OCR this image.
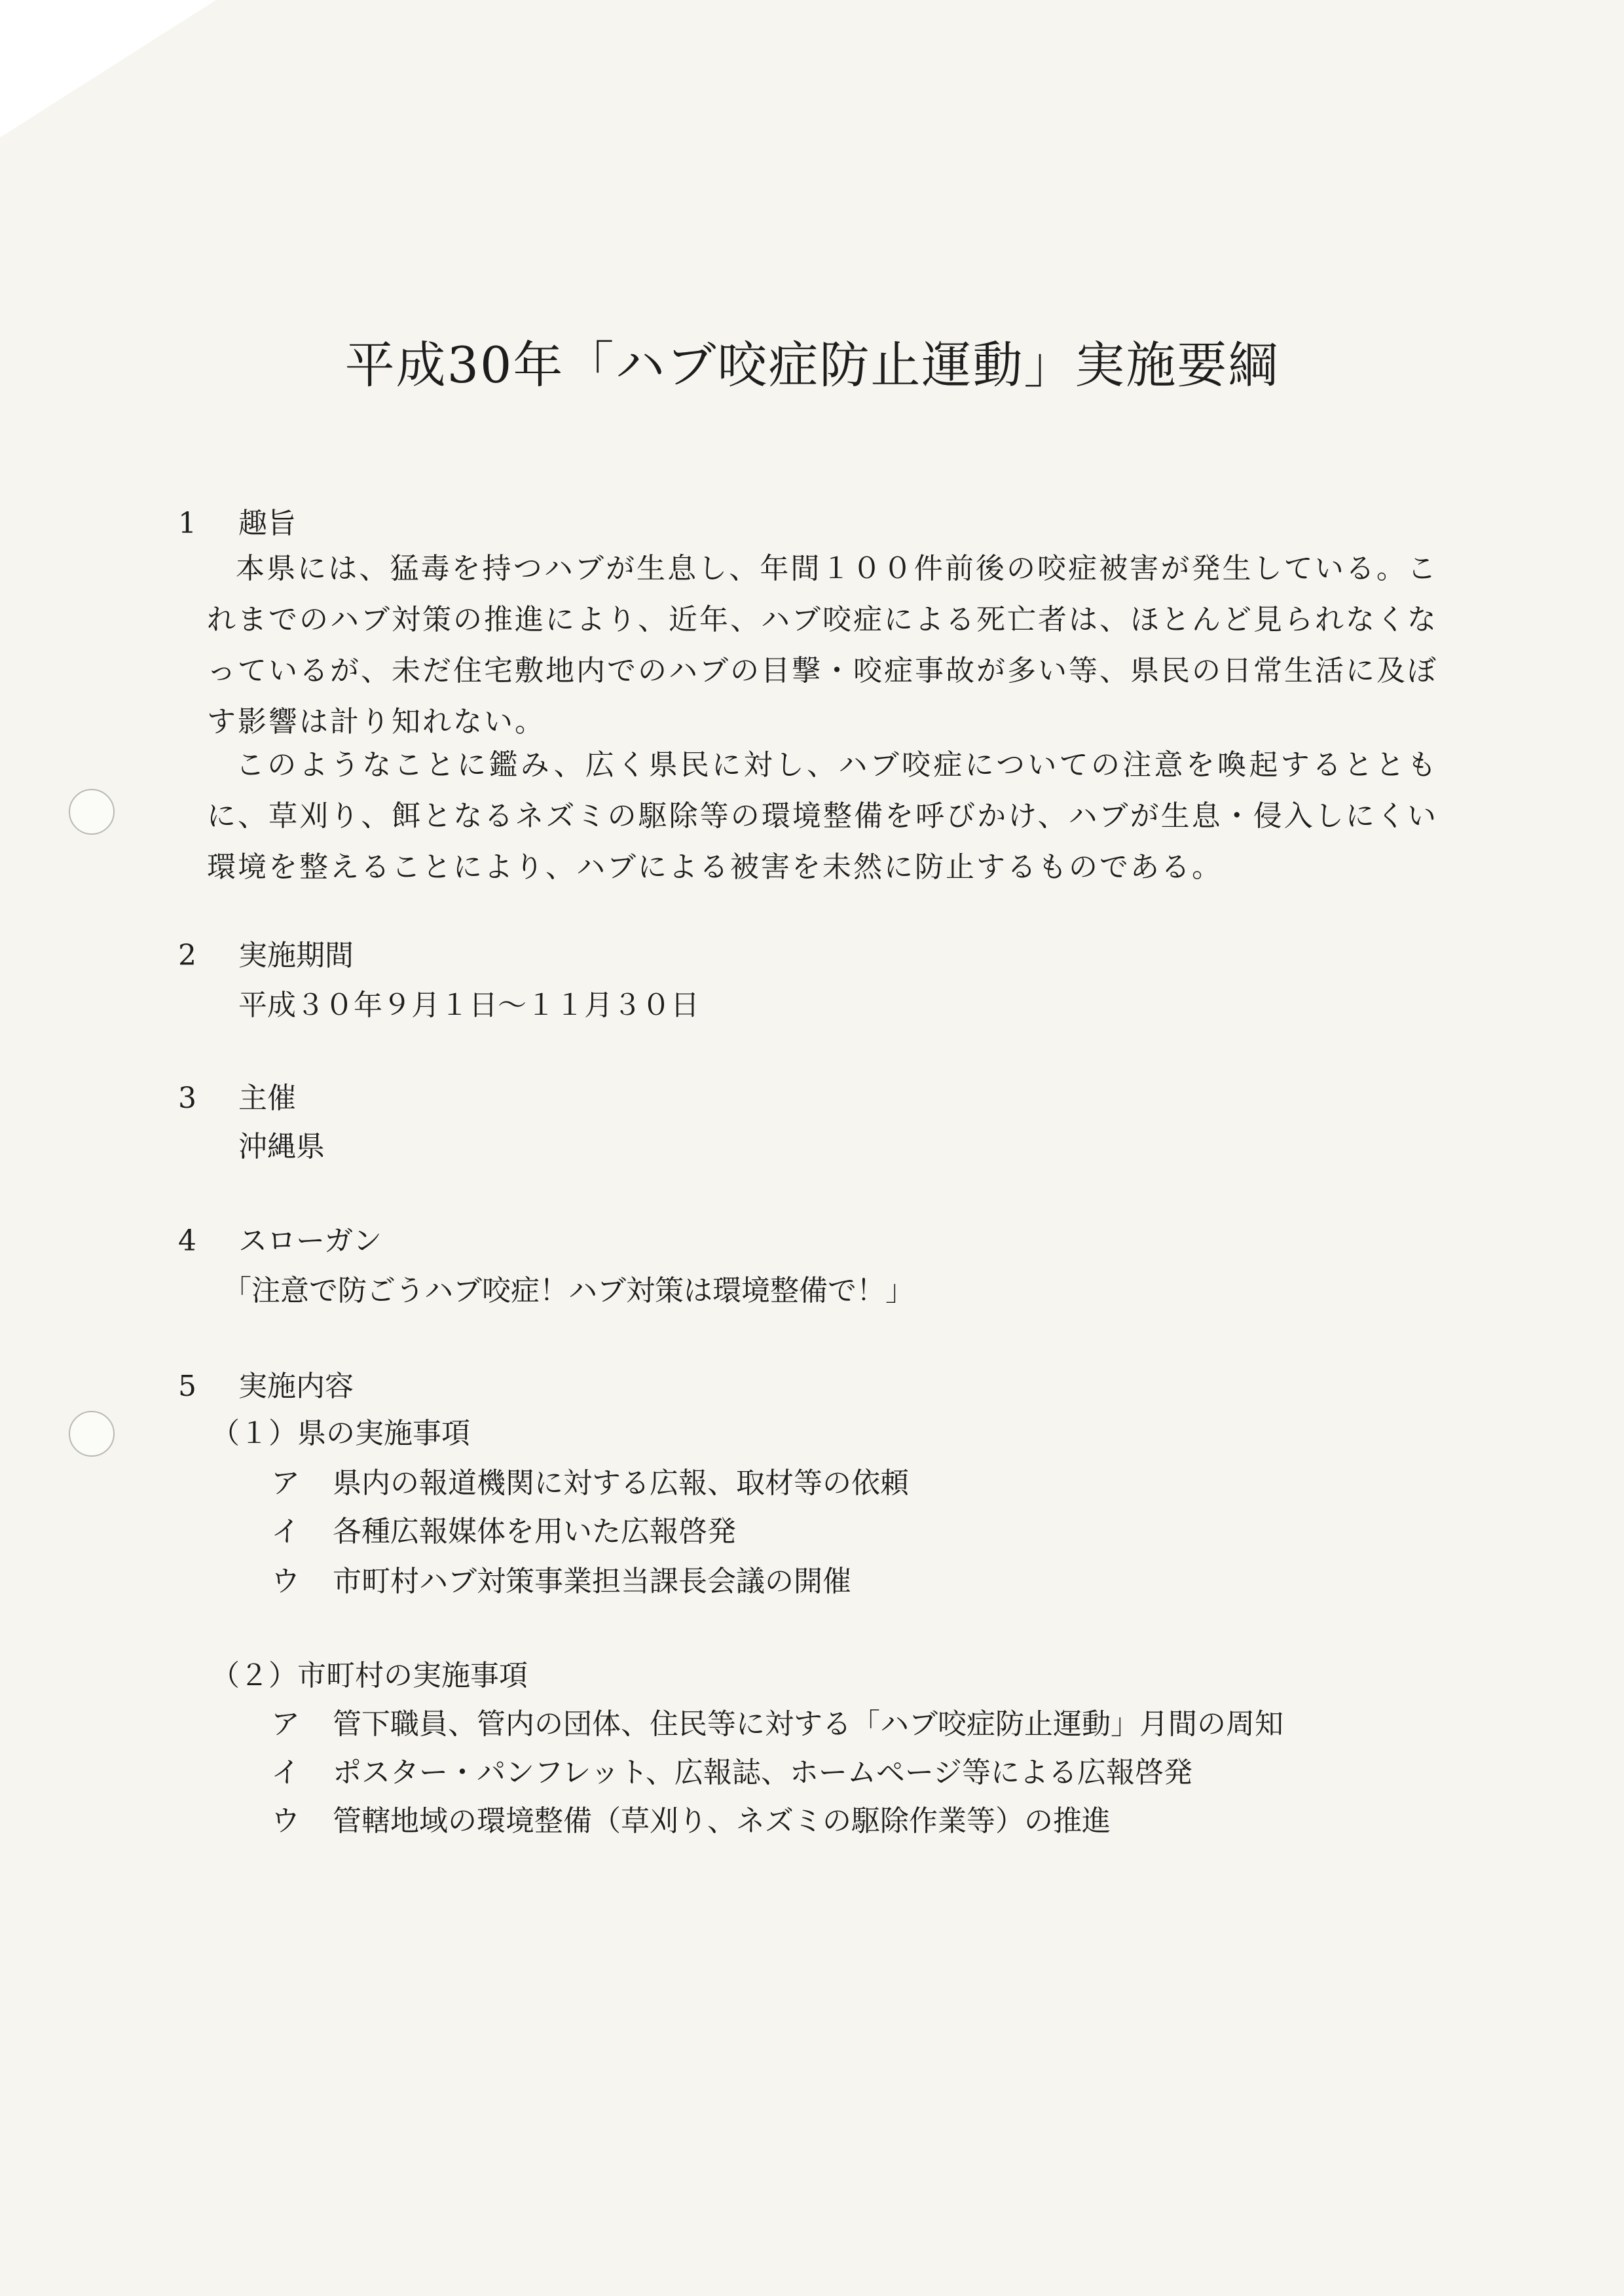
平成30年「ハブ咬症防止運動」実施要綱
1 趣旨
本県には、猛毒を持つハブが生息し、年間１００件前後の咬症被害が発生している。これまでのハブ対策の推進により、近年、ハブ咬症による死亡者は、ほとんど見られなくなっているが、未だ住宅敷地内でのハブの目撃・咬症事故が多い等、県民の日常生活に及ぼす影響は計り知れない。
このようなことに鑑み、広く県民に対し、ハブ咬症についての注意を喚起するとともに、草刈り、餌となるネズミの駆除等の環境整備を呼びかけ、ハブが生息・侵入しにくい環境を整えることにより、ハブによる被害を未然に防止するものである。
2 実施期間
平成３０年９月１日～１１月３０日
3 主催
沖縄県
4 スローガン
「注意で防ごうハブ咬症！ハブ対策は環境整備で！」
5 実施内容
（１）県の実施事項
ア 県内の報道機関に対する広報、取材等の依頼
イ 各種広報媒体を用いた広報啓発
ウ 市町村ハブ対策事業担当課長会議の開催
（２）市町村の実施事項
ア 管下職員、管内の団体、住民等に対する「ハブ咬症防止運動」月間の周知
イ ポスター・パンフレット、広報誌、ホームページ等による広報啓発
ウ 管轄地域の環境整備（草刈り、ネズミの駆除作業等）の推進
